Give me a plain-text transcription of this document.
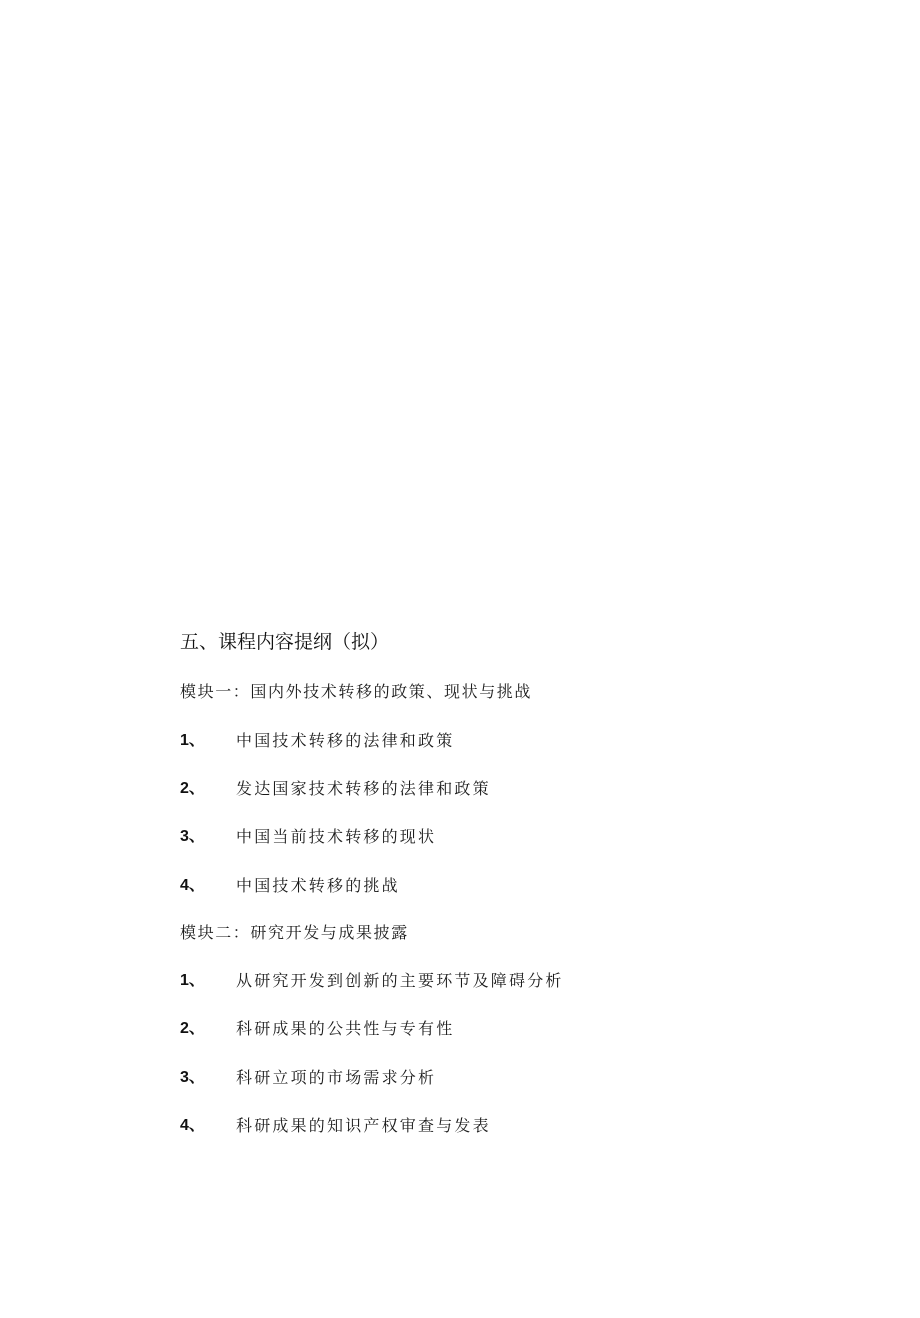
五、课程内容提纲（拟）
模块一：国内外技术转移的政策、现状与挑战
1、 中国技术转移的法律和政策
2、 发达国家技术转移的法律和政策
3、 中国当前技术转移的现状
4、 中国技术转移的挑战
模块二：研究开发与成果披露
1、 从研究开发到创新的主要环节及障碍分析
2、 科研成果的公共性与专有性
3、 科研立项的市场需求分析
4、 科研成果的知识产权审查与发表
